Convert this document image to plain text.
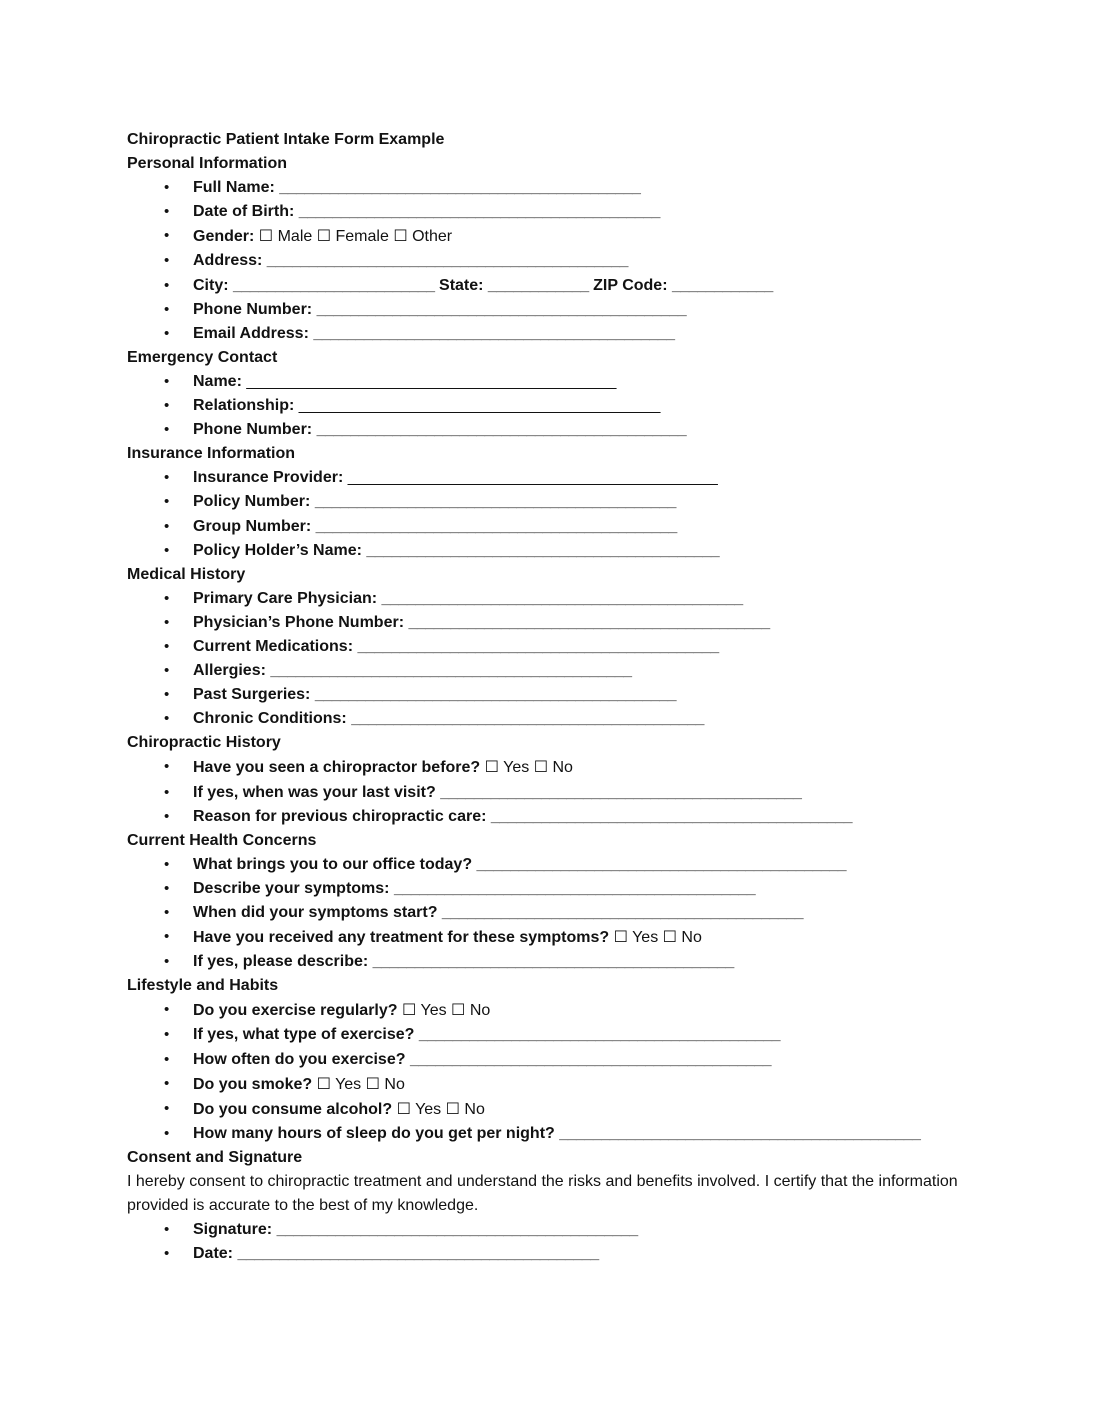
Chiropractic Patient Intake Form Example
Personal Information
• Full Name: ___________________________________________
• Date of Birth: ___________________________________________
• Gender: ☐ Male ☐ Female ☐ Other
• Address: ___________________________________________
• City: ________________________ State: ____________ ZIP Code: ____________
• Phone Number: ____________________________________________
• Email Address: ___________________________________________
Emergency Contact
• Name: ____________________________________________
• Relationship: ___________________________________________
• Phone Number: ____________________________________________
Insurance Information
• Insurance Provider: ____________________________________________
• Policy Number: ___________________________________________
• Group Number: ___________________________________________
• Policy Holder’s Name: __________________________________________
Medical History
• Primary Care Physician: ___________________________________________
• Physician’s Phone Number: ___________________________________________
• Current Medications: ___________________________________________
• Allergies: ___________________________________________
• Past Surgeries: ___________________________________________
• Chronic Conditions: __________________________________________
Chiropractic History
• Have you seen a chiropractor before? ☐ Yes ☐ No
• If yes, when was your last visit? ___________________________________________
• Reason for previous chiropractic care: ___________________________________________
Current Health Concerns
• What brings you to our office today? ____________________________________________
• Describe your symptoms: ___________________________________________
• When did your symptoms start? ___________________________________________
• Have you received any treatment for these symptoms? ☐ Yes ☐ No
• If yes, please describe: ___________________________________________
Lifestyle and Habits
• Do you exercise regularly? ☐ Yes ☐ No
• If yes, what type of exercise? ___________________________________________
• How often do you exercise? ___________________________________________
• Do you smoke? ☐ Yes ☐ No
• Do you consume alcohol? ☐ Yes ☐ No
• How many hours of sleep do you get per night? ___________________________________________
Consent and Signature
I hereby consent to chiropractic treatment and understand the risks and benefits involved. I certify that the information provided is accurate to the best of my knowledge.
• Signature: ___________________________________________
• Date: ___________________________________________
